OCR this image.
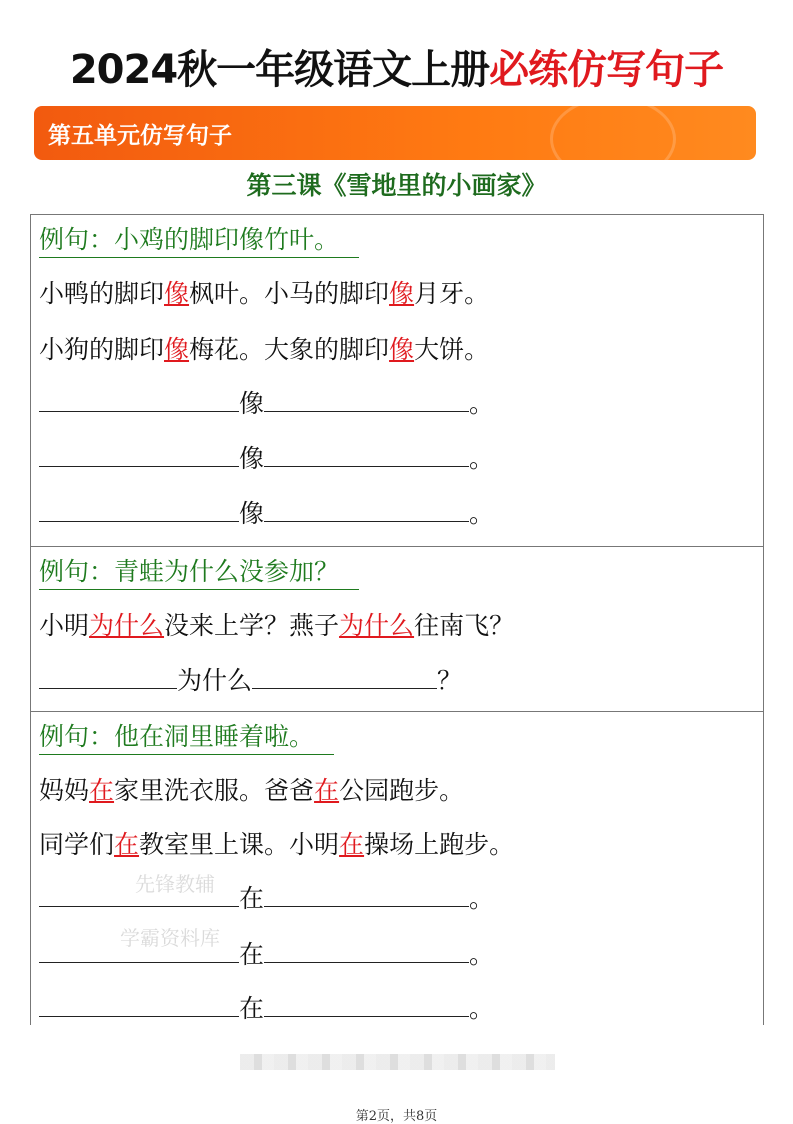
2024秋一年级语文上册必练仿写句子
第五单元仿写句子
第三课《雪地里的小画家》
例句：小鸡的脚印像竹叶。
小鸭的脚印像枫叶。小马的脚印像月牙。
小狗的脚印像梅花。大象的脚印像大饼。
像	。
像	。
像	。
例句：青蛙为什么没参加？
小明为什么没来上学？燕子为什么往南飞？
为什么	？
例句：他在洞里睡着啦。
妈妈在家里洗衣服。爸爸在公园跑步。
同学们在教室里上课。小明在操场上跑步。
在	。
在	。
在	。
先锋教辅
学霸资料库
第2页，共8页
